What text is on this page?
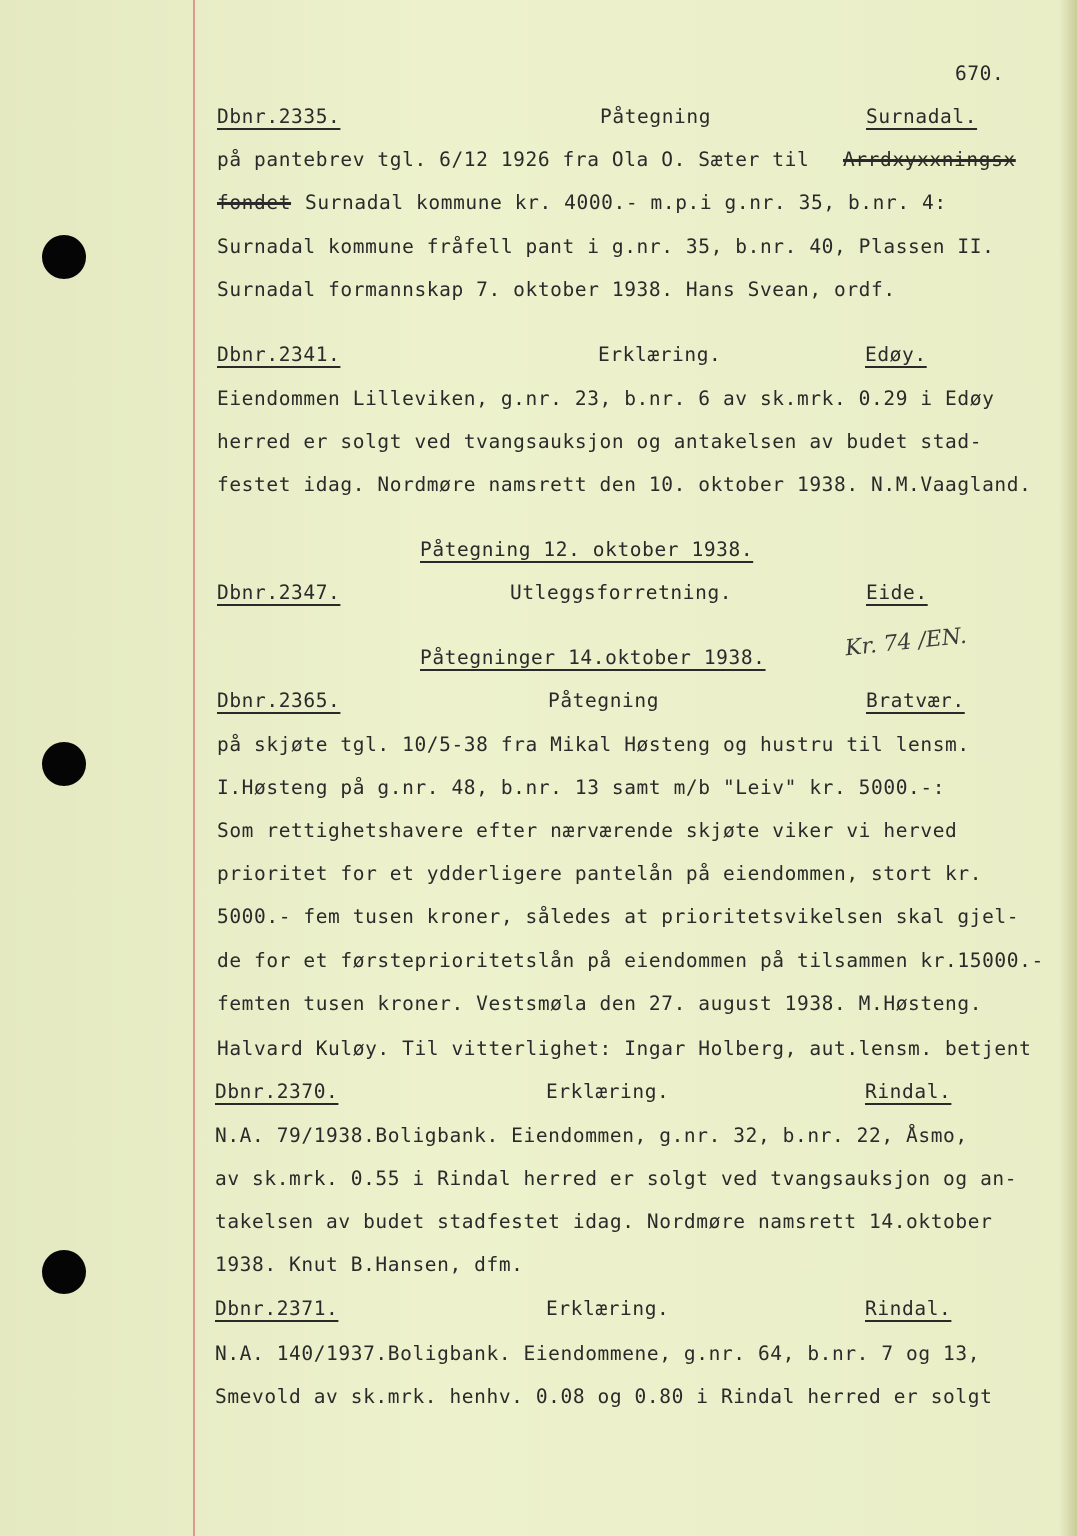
670.
Dbnr.2335.	Påtegning	Surnadal.
på pantebrev tgl. 6/12 1926 fra Ola O. Sæter til Arrdxyxxningsx
fondet Surnadal kommune kr. 4000.- m.p.i g.nr. 35, b.nr. 4:
Surnadal kommune fråfell pant i g.nr. 35, b.nr. 40, Plassen II.
Surnadal formannskap 7. oktober 1938. Hans Svean, ordf.
Dbnr.2341.	Erklæring.	Edøy.
Eiendommen Lilleviken, g.nr. 23, b.nr. 6 av sk.mrk. 0.29 i Edøy
herred er solgt ved tvangsauksjon og antakelsen av budet stad-
festet idag. Nordmøre namsrett den 10. oktober 1938. N.M.Vaagland.
Påtegning 12. oktober 1938.
Dbnr.2347.	Utleggsforretning.	Eide.
Kr. 74 /EN.
Påtegninger 14.oktober 1938.
Dbnr.2365.	Påtegning	Bratvær.
på skjøte tgl. 10/5-38 fra Mikal Høsteng og hustru til lensm.
I.Høsteng på g.nr. 48, b.nr. 13 samt m/b "Leiv" kr. 5000.-:
Som rettighetshavere efter nærværende skjøte viker vi herved
prioritet for et ydderligere pantelån på eiendommen, stort kr.
5000.- fem tusen kroner, således at prioritetsvikelsen skal gjel-
de for et førsteprioritetslån på eiendommen på tilsammen kr.15000.-
femten tusen kroner. Vestsmøla den 27. august 1938. M.Høsteng.
Halvard Kuløy. Til vitterlighet: Ingar Holberg, aut.lensm. betjent
Dbnr.2370.	Erklæring.	Rindal.
N.A. 79/1938.Boligbank. Eiendommen, g.nr. 32, b.nr. 22, Åsmo,
av sk.mrk. 0.55 i Rindal herred er solgt ved tvangsauksjon og an-
takelsen av budet stadfestet idag. Nordmøre namsrett 14.oktober
1938. Knut B.Hansen, dfm.
Dbnr.2371.	Erklæring.	Rindal.
N.A. 140/1937.Boligbank. Eiendommene, g.nr. 64, b.nr. 7 og 13,
Smevold av sk.mrk. henhv. 0.08 og 0.80 i Rindal herred er solgt
